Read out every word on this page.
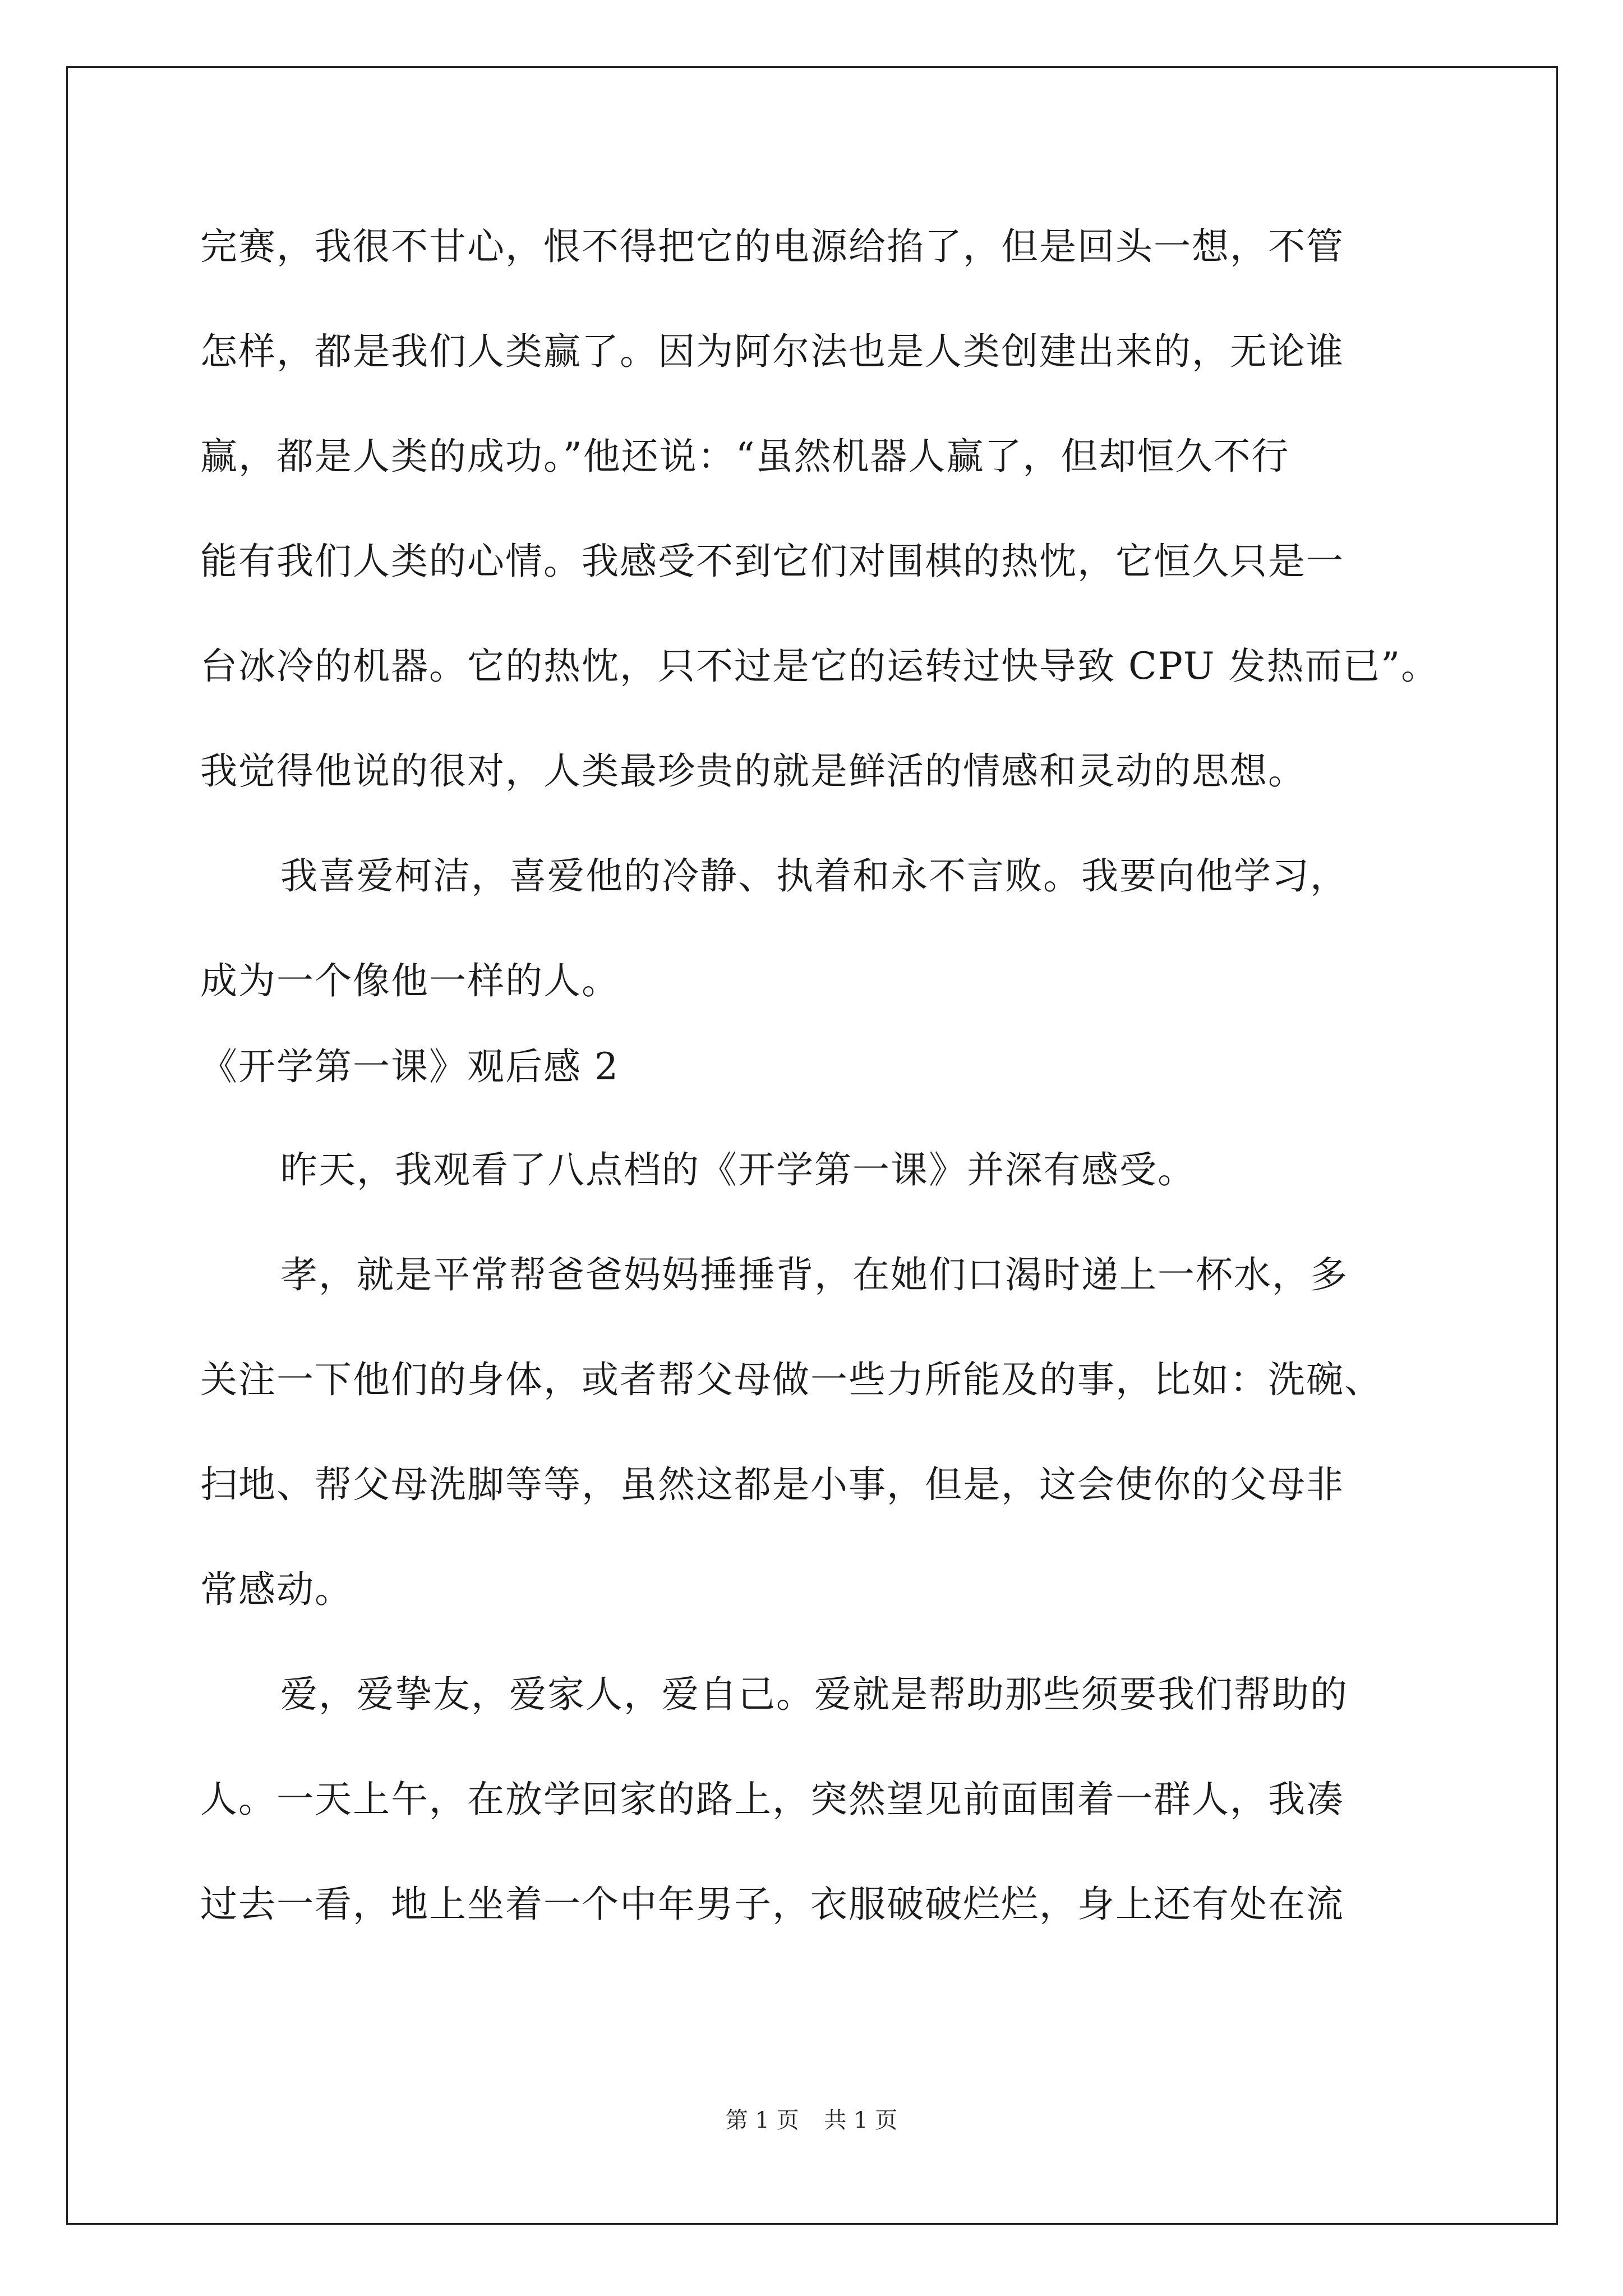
完赛，我很不甘心，恨不得把它的电源给掐了，但是回头一想，不管
怎样，都是我们人类赢了。因为阿尔法也是人类创建出来的，无论谁
赢，都是人类的成功。”他还说：“虽然机器人赢了，但却恒久不行
能有我们人类的心情。我感受不到它们对围棋的热忱，它恒久只是一
台冰冷的机器。它的热忱，只不过是它的运转过快导致 CPU 发热而已”。
我觉得他说的很对，人类最珍贵的就是鲜活的情感和灵动的思想。
我喜爱柯洁，喜爱他的冷静、执着和永不言败。我要向他学习，
成为一个像他一样的人。
《开学第一课》观后感 2
昨天，我观看了八点档的《开学第一课》并深有感受。
孝，就是平常帮爸爸妈妈捶捶背，在她们口渴时递上一杯水，多
关注一下他们的身体，或者帮父母做一些力所能及的事，比如：洗碗、
扫地、帮父母洗脚等等，虽然这都是小事，但是，这会使你的父母非
常感动。
爱，爱挚友，爱家人，爱自己。爱就是帮助那些须要我们帮助的
人。一天上午，在放学回家的路上，突然望见前面围着一群人，我凑
过去一看，地上坐着一个中年男子，衣服破破烂烂，身上还有处在流
第 1 页 共 1 页
